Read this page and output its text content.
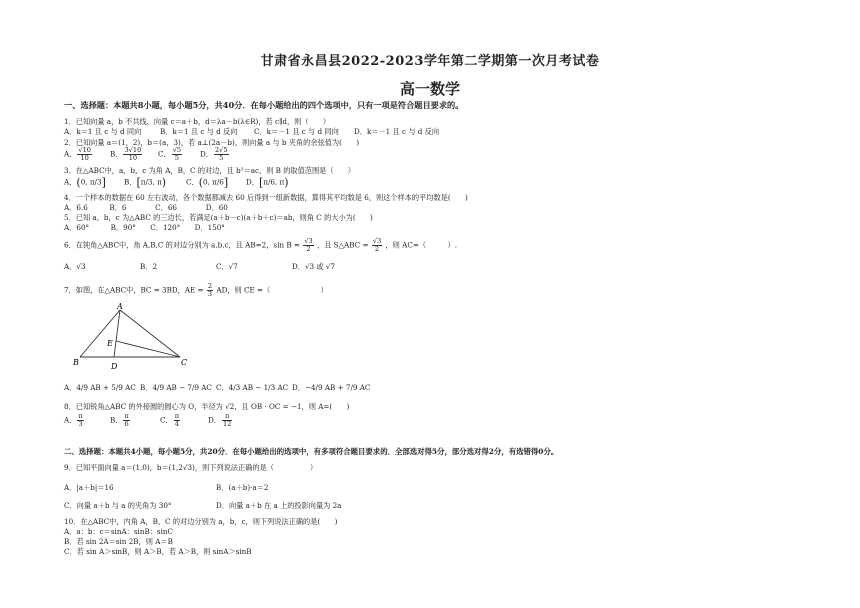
甘肃省永昌县2022-2023学年第二学期第一次月考试卷
高一数学
一、选择题：本题共8小题，每小题5分，共40分．在每小题给出的四个选项中，只有一项是符合题目要求的。
1．已知向量 a，b 不共线，向量 c＝a＋b，d＝λa－b(λ∈R)，若 c∥d，则（　　）
A．k＝1 且 c 与 d 同向	B．k＝1 且 c 与 d 反向 C．k＝－1 且 c 与 d 同向 D．k＝－1 且 c 与 d 反向
2．已知向量 a＝(1，2)，b＝(a，3)，若 a⊥(2a－b)，则向量 a 与 b 夹角的余弦值为(　　)
A． $\frac{√10}{10}$	B． $\frac{3√10}{10}$ C． $\frac{√5}{5}$ D． $\frac{2√5}{5}$
3．在△ABC中，a，b，c 为角 A，B，C 的对边，且 b²＝ac，则 B 的取值范围是（　　）
A．(0, π/3]	B．[π/3, π)	C．(0, π/6] D．[π/6, π)
4．一个样本的数据在 60 左右波动，各个数据都减去 60 后得到一组新数据，算得其平均数是 6，则这个样本的平均数是(　　)
A．6.6　　　B．6　　　　C．66　　　　D．60
5．已知 a，b，c 为△ABC 的三边长，若满足(a＋b－c)(a＋b＋c)＝ab，则角 C 的大小为(　　)
A．60°　　　B．90°　　C．120°　　D．150°
6．在钝角△ABC中，角 A,B,C 的对边分别为 a,b,c，且 AB=2，$\sin B = \frac{√3}{2}$ ，且 S△ABC = $\frac{√3}{2}$ ，则 AC=（　　　）.
A．√3	B．2	C．√7	D．√3 或 √7
7．如图，在△ABC中，BC = 3BD，AE = $\frac{2}{3}$ AD，则 CE =（　　　　　　　）
A
B	C
D
E
A．4/9 AB + 5/9 AC B．4/9 AB − 7/9 AC C．4/3 AB − 1/3 AC D．−4/9 AB + 7/9 AC
8．已知锐角△ABC 的外接圆的圆心为 O，半径为 √2，且 OB · OC = −1，则 A=(　　)
A． $\frac{\pi}{3}$	B． $\frac{\pi}{6}$	C． $\frac{\pi}{4}$	D． $\frac{\pi}{12}$
二、选择题：本题共4小题，每小题5分，共20分．在每小题给出的选项中，有多项符合题目要求的．全部选对得5分，部分选对得2分，有选错得0分。
9．已知平面向量 a＝(1,0)，b＝(1,2√3)，则下列说法正确的是（　　　　　）
A．|a＋b|＝16	B．(a＋b)·a＝2
C．向量 a＋b 与 a 的夹角为 30°	D．向量 a＋b 在 a 上的投影向量为 2a
10．在△ABC中，内角 A，B，C 的对边分别为 a，b，c，则下列说法正确的是(　　)
A．a：b：c＝sinA：sinB：sinC
B．若 sin 2A＝sin 2B，则 A＝B
C．若 sin A＞sinB，则 A＞B，若 A＞B，则 sinA＞sinB
